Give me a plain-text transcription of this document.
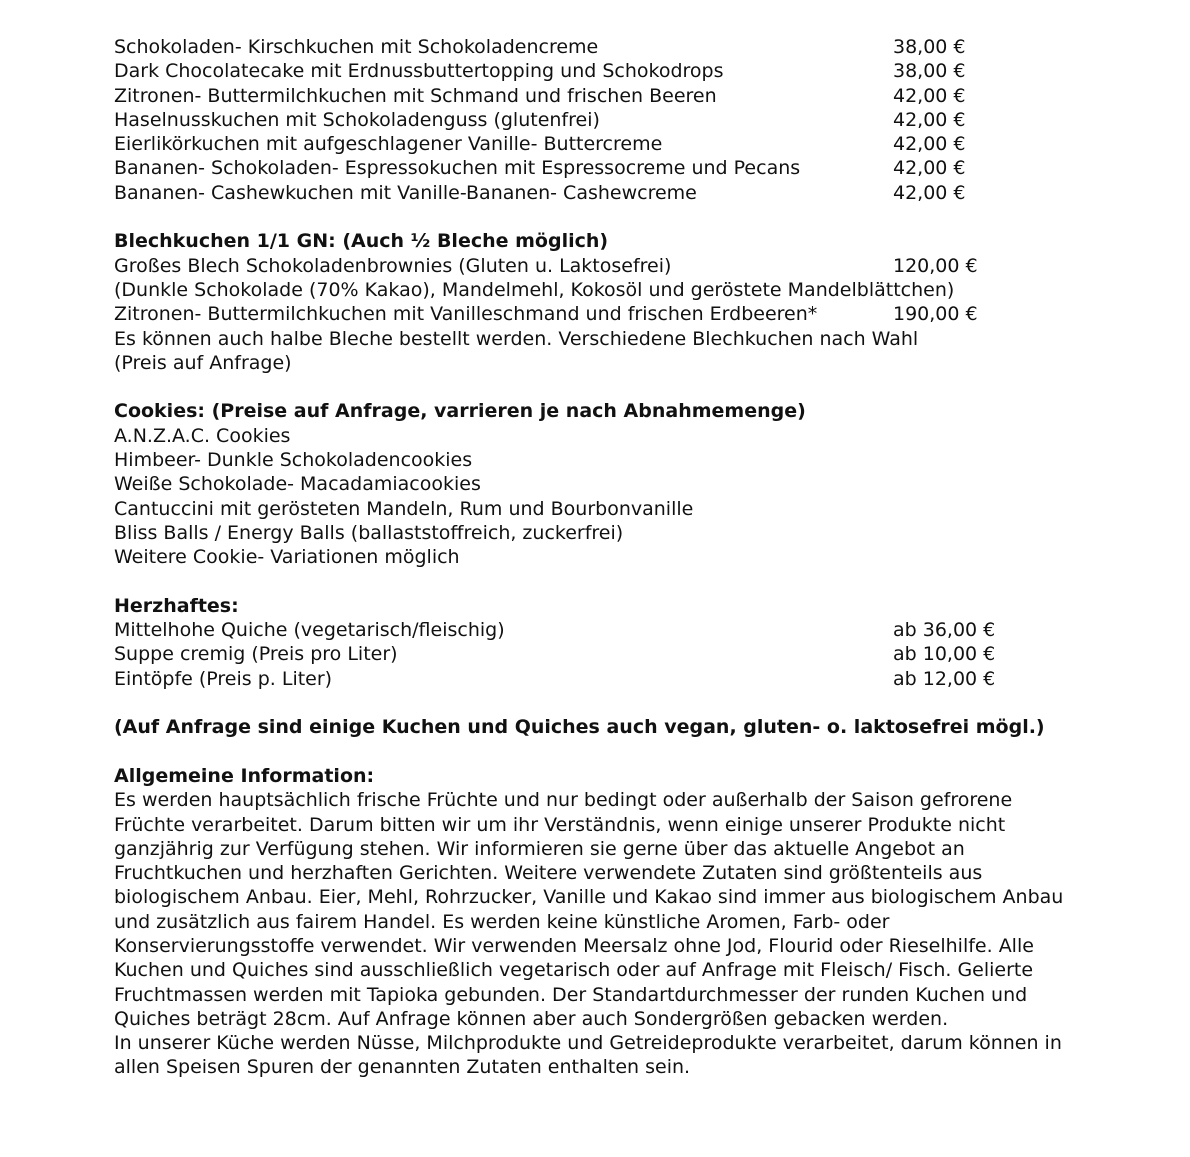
Schokoladen- Kirschkuchen mit Schokoladencreme	38,00 €
Dark Chocolatecake mit Erdnussbuttertopping und Schokodrops	38,00 €
Zitronen- Buttermilchkuchen mit Schmand und frischen Beeren	42,00 €
Haselnusskuchen mit Schokoladenguss (glutenfrei)	42,00 €
Eierlikörkuchen mit aufgeschlagener Vanille- Buttercreme	42,00 €
Bananen- Schokoladen- Espressokuchen mit Espressocreme und Pecans	42,00 €
Bananen- Cashewkuchen mit Vanille-Bananen- Cashewcreme	42,00 €
Blechkuchen 1/1 GN: (Auch ½ Bleche möglich)
Großes Blech Schokoladenbrownies (Gluten u. Laktosefrei)	120,00 €
(Dunkle Schokolade (70% Kakao), Mandelmehl, Kokosöl und geröstete Mandelblättchen)
Zitronen- Buttermilchkuchen mit Vanilleschmand und frischen Erdbeeren*	190,00 €
Es können auch halbe Bleche bestellt werden. Verschiedene Blechkuchen nach Wahl
(Preis auf Anfrage)
Cookies: (Preise auf Anfrage, varrieren je nach Abnahmemenge)
A.N.Z.A.C. Cookies
Himbeer- Dunkle Schokoladencookies
Weiße Schokolade- Macadamiacookies
Cantuccini mit gerösteten Mandeln, Rum und Bourbonvanille
Bliss Balls / Energy Balls (ballaststoffreich, zuckerfrei)
Weitere Cookie- Variationen möglich
Herzhaftes:
Mittelhohe Quiche (vegetarisch/fleischig)	ab 36,00 €
Suppe cremig (Preis pro Liter)	ab 10,00 €
Eintöpfe (Preis p. Liter)	ab 12,00 €
(Auf Anfrage sind einige Kuchen und Quiches auch vegan, gluten- o. laktosefrei mögl.)
Allgemeine Information:
Es werden hauptsächlich frische Früchte und nur bedingt oder außerhalb der Saison gefrorene Früchte verarbeitet. Darum bitten wir um ihr Verständnis, wenn einige unserer Produkte nicht ganzjährig zur Verfügung stehen. Wir informieren sie gerne über das aktuelle Angebot an Fruchtkuchen und herzhaften Gerichten. Weitere verwendete Zutaten sind größtenteils aus biologischem Anbau. Eier, Mehl, Rohrzucker, Vanille und Kakao sind immer aus biologischem Anbau und zusätzlich aus fairem Handel. Es werden keine künstliche Aromen, Farb- oder Konservierungsstoffe verwendet. Wir verwenden Meersalz ohne Jod, Flourid oder Rieselhilfe. Alle Kuchen und Quiches sind ausschließlich vegetarisch oder auf Anfrage mit Fleisch/ Fisch. Gelierte Fruchtmassen werden mit Tapioka gebunden. Der Standartdurchmesser der runden Kuchen und Quiches beträgt 28cm. Auf Anfrage können aber auch Sondergrößen gebacken werden.
In unserer Küche werden Nüsse, Milchprodukte und Getreideprodukte verarbeitet, darum können in allen Speisen Spuren der genannten Zutaten enthalten sein.
